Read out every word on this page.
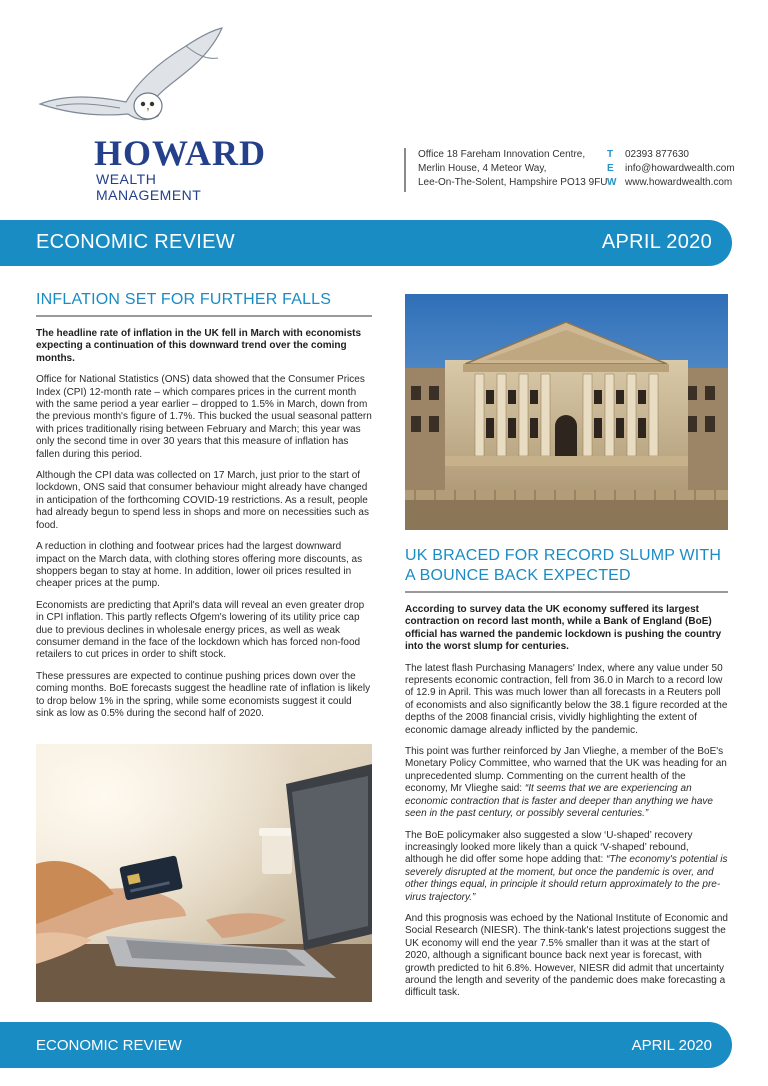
HOWARD
WEALTH MANAGEMENT
Office 18 Fareham Innovation Centre,
Merlin House, 4 Meteor Way,
Lee-On-The-Solent, Hampshire PO13 9FU
T 02393 877630
E info@howardwealth.com
W www.howardwealth.com
ECONOMIC REVIEW	APRIL 2020
INFLATION SET FOR FURTHER FALLS

The headline rate of inflation in the UK fell in March with economists expecting a continuation of this downward trend over the coming months.

Office for National Statistics (ONS) data showed that the Consumer Prices Index (CPI) 12-month rate – which compares prices in the current month with the same period a year earlier – dropped to 1.5% in March, down from the previous month's figure of 1.7%. This bucked the usual seasonal pattern with prices traditionally rising between February and March; this year was only the second time in over 30 years that this measure of inflation has fallen during this period.

Although the CPI data was collected on 17 March, just prior to the start of lockdown, ONS said that consumer behaviour might already have changed in anticipation of the forthcoming COVID-19 restrictions. As a result, people had already begun to spend less in shops and more on necessities such as food.

A reduction in clothing and footwear prices had the largest downward impact on the March data, with clothing stores offering more discounts, as shoppers began to stay at home. In addition, lower oil prices resulted in cheaper prices at the pump.

Economists are predicting that April's data will reveal an even greater drop in CPI inflation. This partly reflects Ofgem's lowering of its utility price cap due to previous declines in wholesale energy prices, as well as weak consumer demand in the face of the lockdown which has forced non-food retailers to cut prices in order to shift stock.

These pressures are expected to continue pushing prices down over the coming months. BoE forecasts suggest the headline rate of inflation is likely to drop below 1% in the spring, while some economists suggest it could sink as low as 0.5% during the second half of 2020.

UK BRACED FOR RECORD SLUMP WITH A BOUNCE BACK EXPECTED

According to survey data the UK economy suffered its largest contraction on record last month, while a Bank of England (BoE) official has warned the pandemic lockdown is pushing the country into the worst slump for centuries.

The latest flash Purchasing Managers' Index, where any value under 50 represents economic contraction, fell from 36.0 in March to a record low of 12.9 in April. This was much lower than all forecasts in a Reuters poll of economists and also significantly below the 38.1 figure recorded at the depths of the 2008 financial crisis, vividly highlighting the extent of economic damage already inflicted by the pandemic.

This point was further reinforced by Jan Vlieghe, a member of the BoE's Monetary Policy Committee, who warned that the UK was heading for an unprecedented slump. Commenting on the current health of the economy, Mr Vlieghe said: “It seems that we are experiencing an economic contraction that is faster and deeper than anything we have seen in the past century, or possibly several centuries.”

The BoE policymaker also suggested a slow ‘U-shaped’ recovery increasingly looked more likely than a quick ‘V-shaped’ rebound, although he did offer some hope adding that: “The economy's potential is severely disrupted at the moment, but once the pandemic is over, and other things equal, in principle it should return approximately to the pre-virus trajectory.”

And this prognosis was echoed by the National Institute of Economic and Social Research (NIESR). The think-tank's latest projections suggest the UK economy will end the year 7.5% smaller than it was at the start of 2020, although a significant bounce back next year is forecast, with growth predicted to hit 6.8%. However, NIESR did admit that uncertainty around the length and severity of the pandemic does make forecasting a difficult task.

ECONOMIC REVIEW	APRIL 2020
